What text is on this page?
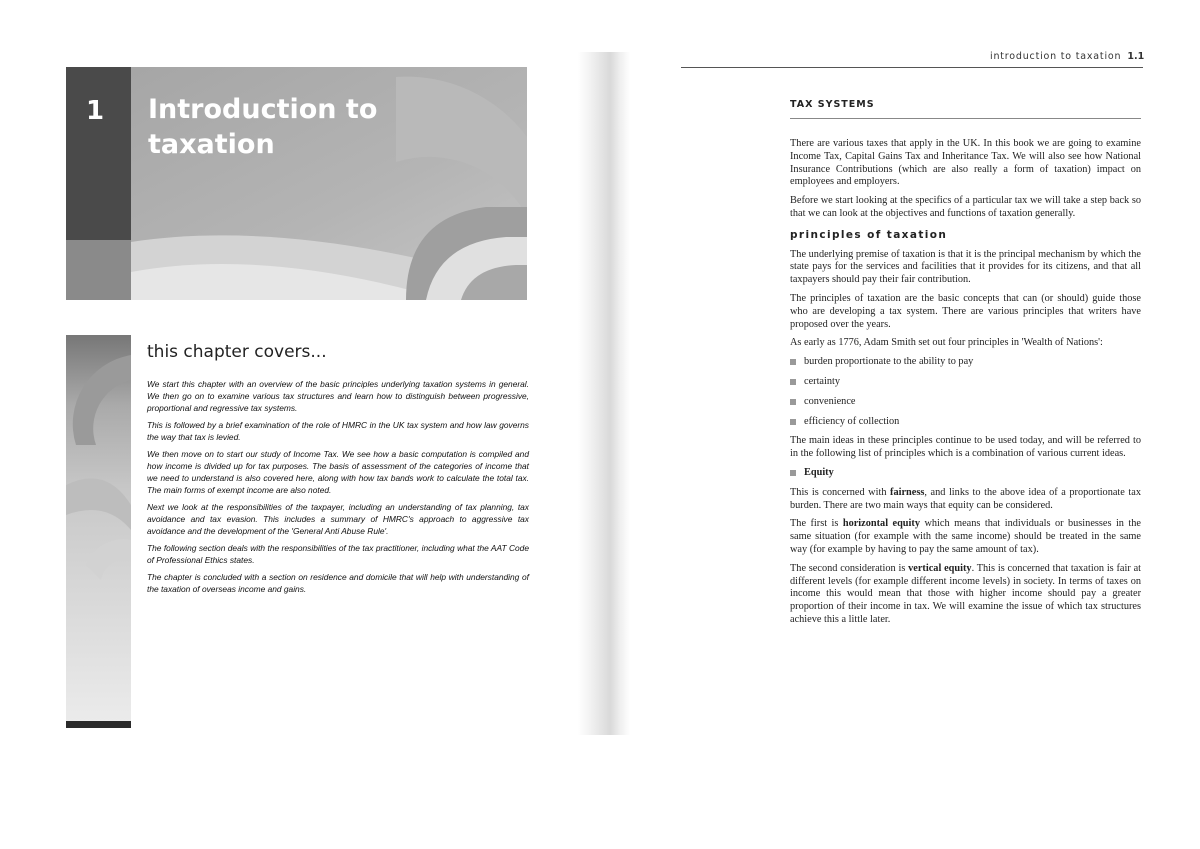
1 Introduction to taxation
this chapter covers...

We start this chapter with an overview of the basic principles underlying taxation systems in general. We then go on to examine various tax structures and learn how to distinguish between progressive, proportional and regressive tax systems.

This is followed by a brief examination of the role of HMRC in the UK tax system and how law governs the way that tax is levied.

We then move on to start our study of Income Tax. We see how a basic computation is compiled and how income is divided up for tax purposes. The basis of assessment of the categories of income that we need to understand is also covered here, along with how tax bands work to calculate the total tax. The main forms of exempt income are also noted.

Next we look at the responsibilities of the taxpayer, including an understanding of tax planning, tax avoidance and tax evasion. This includes a summary of HMRC's approach to aggressive tax avoidance and the development of the 'General Anti Abuse Rule'.

The following section deals with the responsibilities of the tax practitioner, including what the AAT Code of Professional Ethics states.

The chapter is concluded with a section on residence and domicile that will help with understanding of the taxation of overseas income and gains.

introduction to taxation 1.1
TAX SYSTEMS

There are various taxes that apply in the UK. In this book we are going to examine Income Tax, Capital Gains Tax and Inheritance Tax. We will also see how National Insurance Contributions (which are also really a form of taxation) impact on employees and employers.

Before we start looking at the specifics of a particular tax we will take a step back so that we can look at the objectives and functions of taxation generally.

principles of taxation

The underlying premise of taxation is that it is the principal mechanism by which the state pays for the services and facilities that it provides for its citizens, and that all taxpayers should pay their fair contribution.

The principles of taxation are the basic concepts that can (or should) guide those who are developing a tax system. There are various principles that writers have proposed over the years.

As early as 1776, Adam Smith set out four principles in 'Wealth of Nations':

burden proportionate to the ability to pay
certainty
convenience
efficiency of collection

The main ideas in these principles continue to be used today, and will be referred to in the following list of principles which is a combination of various current ideas.

Equity

This is concerned with fairness, and links to the above idea of a proportionate tax burden. There are two main ways that equity can be considered.

The first is horizontal equity which means that individuals or businesses in the same situation (for example with the same income) should be treated in the same way (for example by having to pay the same amount of tax).

The second consideration is vertical equity. This is concerned that taxation is fair at different levels (for example different income levels) in society. In terms of taxes on income this would mean that those with higher income should pay a greater proportion of their income in tax. We will examine the issue of which tax structures achieve this a little later.
